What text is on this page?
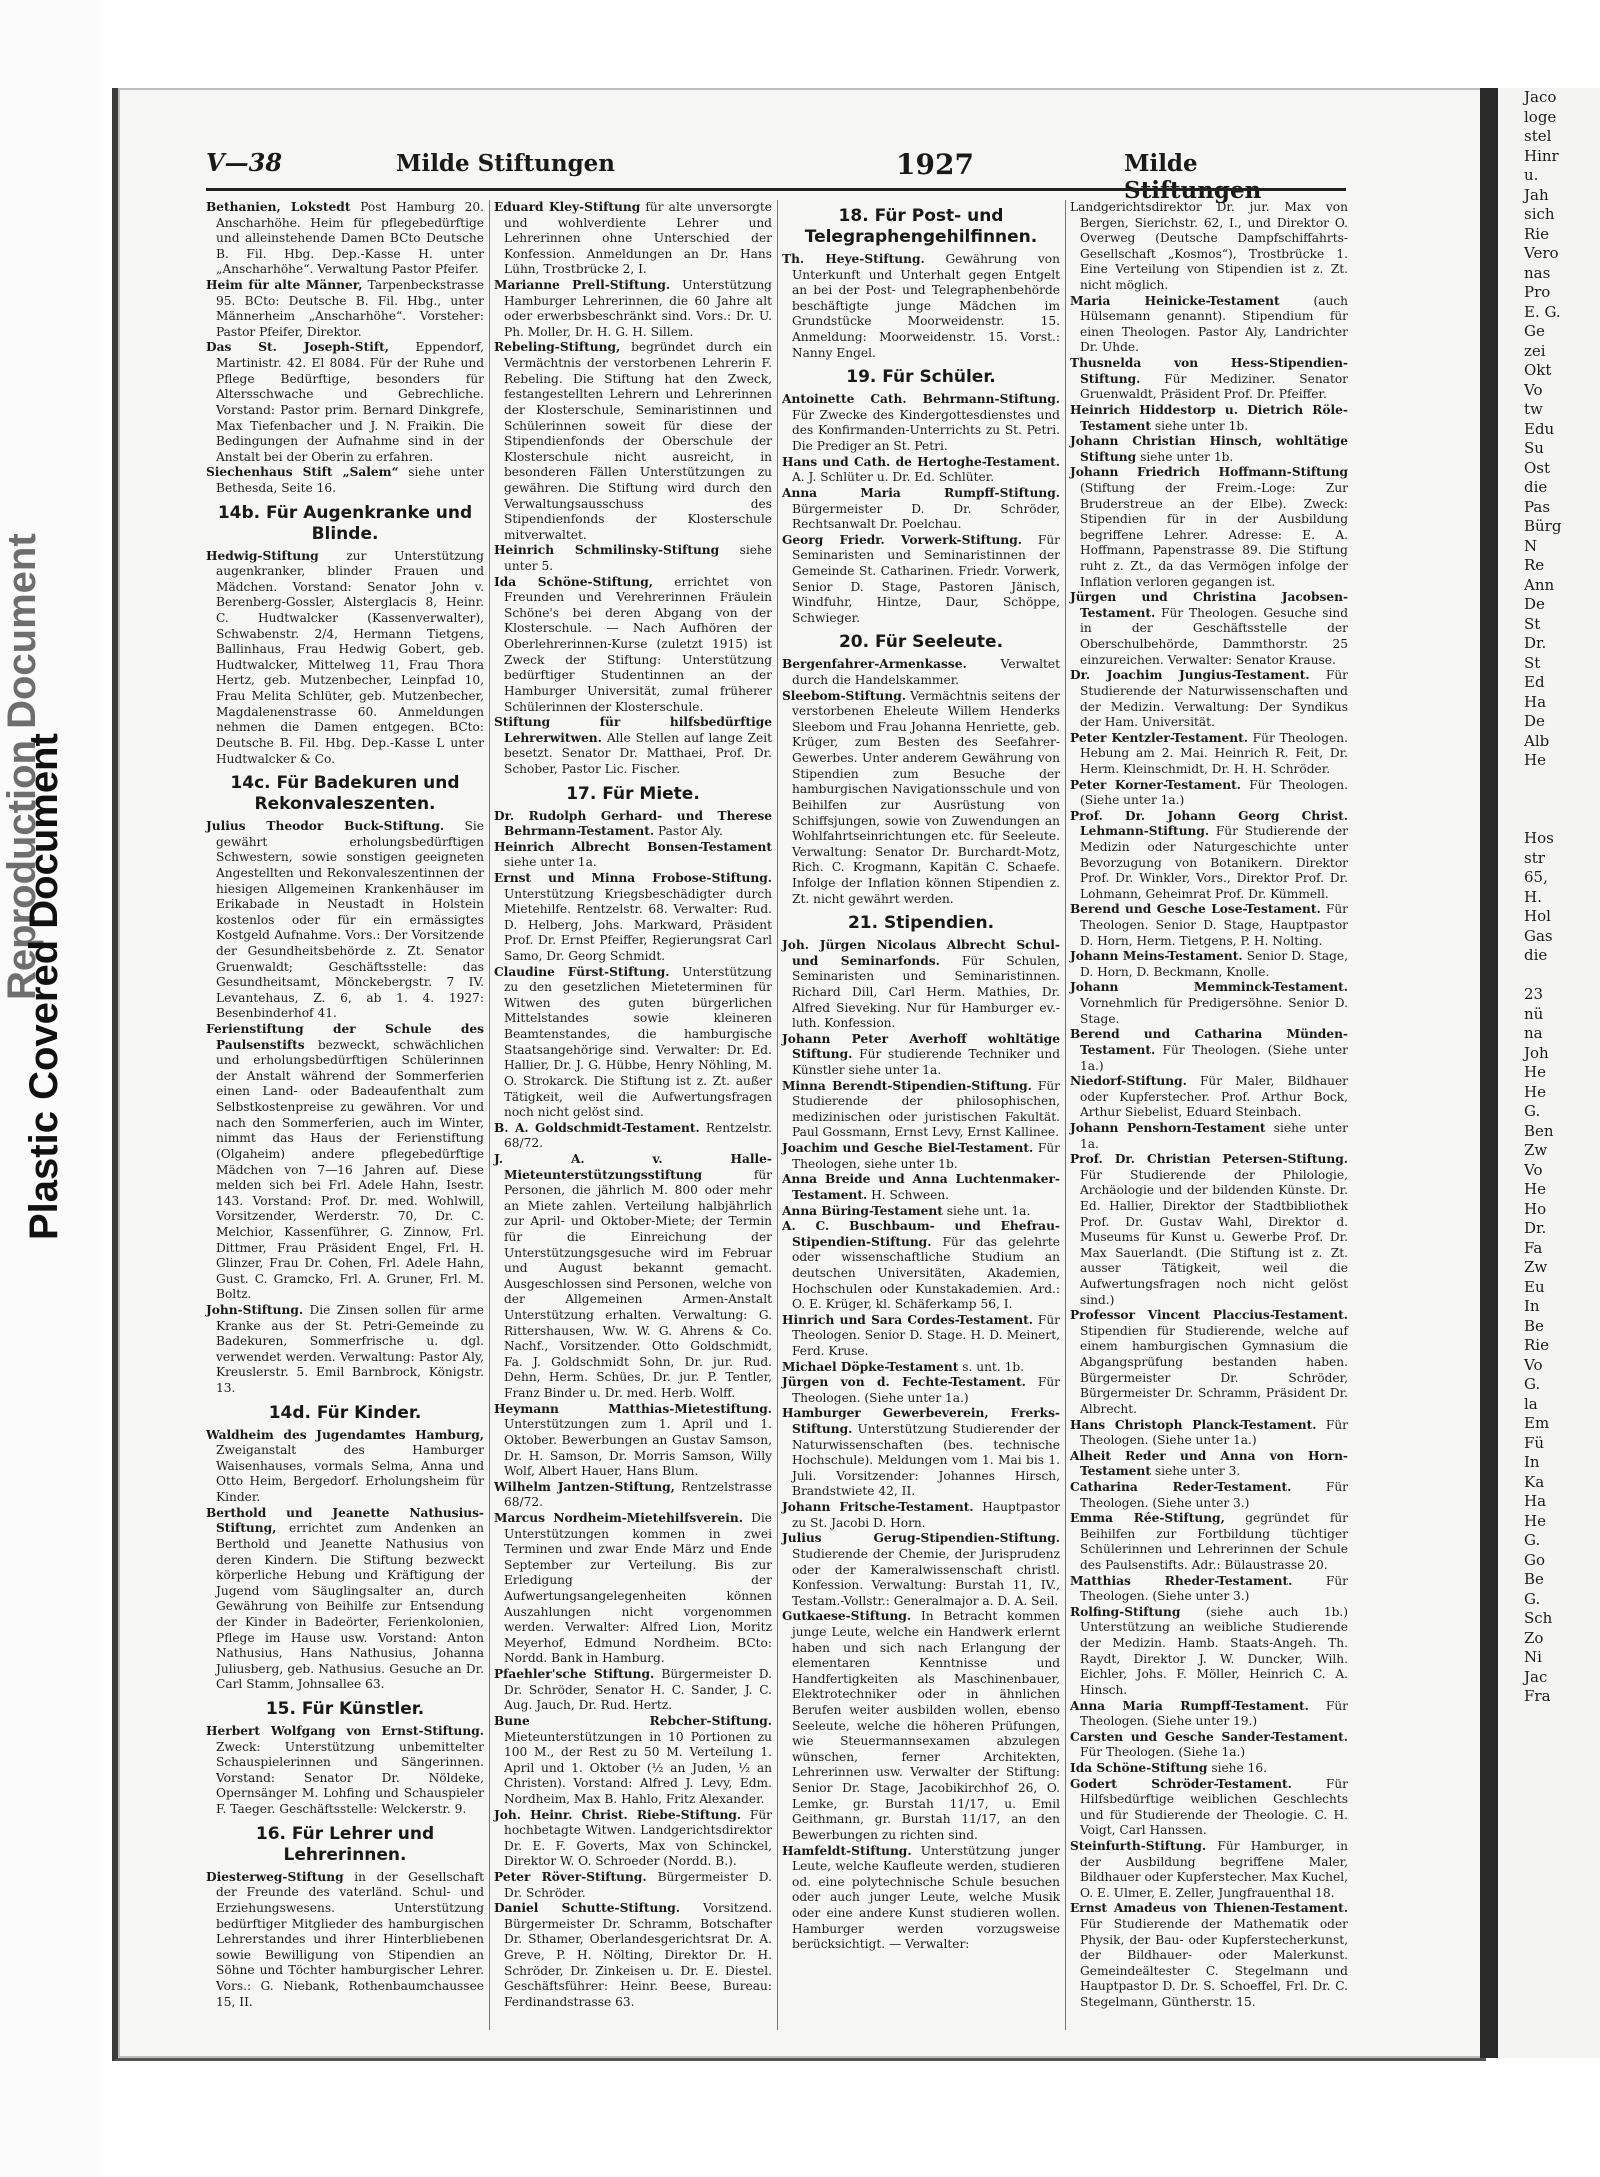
Reproduction Document
Plastic Covered Document
V—38	Milde Stiftungen	1927	Milde
Bethanien, Lokstedt Post Hamburg 20. Anscharhöhe. Heim für pflegebedürftige und alleinstehende Damen BCto Deutsche B. Fil. Hbg. Dep.-Kasse H. unter „Anscharhöhe“. Verwaltung Pastor Pfeifer.
Heim für alte Männer, Tarpenbeckstrasse 95. BCto: Deutsche B. Fil. Hbg., unter Männerheim „Anscharhöhe“. Vorsteher: Pastor Pfeifer, Direktor.
Das St. Joseph-Stift, Eppendorf, Martinistr. 42. El 8084. Für der Ruhe und Pflege Bedürftige, besonders für Altersschwache und Gebrechliche. Vorstand: Pastor prim. Bernard Dinkgrefe, Max Tiefenbacher und J. N. Fraikin. Die Bedingungen der Aufnahme sind in der Anstalt bei der Oberin zu erfahren.
Siechenhaus Stift „Salem“ siehe unter Bethesda, Seite 16.
14b. Für Augenkranke und Blinde.
Hedwig-Stiftung zur Unterstützung augenkranker, blinder Frauen und Mädchen. Vorstand: Senator John v. Berenberg-Gossler, Alsterglacis 8, Heinr. C. Hudtwalcker (Kassenverwalter), Schwabenstr. 2/4, Hermann Tietgens, Ballinhaus, Frau Hedwig Gobert, geb. Hudtwalcker, Mittelweg 11, Frau Thora Hertz, geb. Mutzenbecher, Leinpfad 10, Frau Melita Schlüter, geb. Mutzenbecher, Magdalenenstrasse 60. Anmeldungen nehmen die Damen entgegen. BCto: Deutsche B. Fil. Hbg. Dep.-Kasse L unter Hudtwalcker & Co.
14c. Für Badekuren und Rekonvaleszenten.
Julius Theodor Buck-Stiftung. Sie gewährt erholungsbedürftigen Schwestern, sowie sonstigen geeigneten Angestellten und Rekonvaleszentinnen der hiesigen Allgemeinen Krankenhäuser im Erikabade in Neustadt in Holstein kostenlos oder für ein ermässigtes Kostgeld Aufnahme. Vors.: Der Vorsitzende der Gesundheitsbehörde z. Zt. Senator Gruenwaldt; Geschäftsstelle: das Gesundheitsamt, Mönckebergstr. 7 IV. Levantehaus, Z. 6, ab 1. 4. 1927: Besenbinderhof 41.
Ferienstiftung der Schule des Paulsenstifts bezweckt, schwächlichen und erholungsbedürftigen Schülerinnen der Anstalt während der Sommerferien einen Land- oder Badeaufenthalt zum Selbstkostenpreise zu gewähren. Vor und nach den Sommerferien, auch im Winter, nimmt das Haus der Ferienstiftung (Olgaheim) andere pflegebedürftige Mädchen von 7—16 Jahren auf. Diese melden sich bei Frl. Adele Hahn, Isestr. 143. Vorstand: Prof. Dr. med. Wohlwill, Vorsitzender, Werderstr. 70, Dr. C. Melchior, Kassenführer, G. Zinnow, Frl. Dittmer, Frau Präsident Engel, Frl. H. Glinzer, Frau Dr. Cohen, Frl. Adele Hahn, Gust. C. Gramcko, Frl. A. Gruner, Frl. M. Boltz.
John-Stiftung. Die Zinsen sollen für arme Kranke aus der St. Petri-Gemeinde zu Badekuren, Sommerfrische u. dgl. verwendet werden. Verwaltung: Pastor Aly, Kreuslerstr. 5. Emil Barnbrock, Königstr. 13.
14d. Für Kinder.
Waldheim des Jugendamtes Hamburg, Zweiganstalt des Hamburger Waisenhauses, vormals Selma, Anna und Otto Heim, Bergedorf. Erholungsheim für Kinder.
Berthold und Jeanette Nathusius-Stiftung, errichtet zum Andenken an Berthold und Jeanette Nathusius von deren Kindern. Die Stiftung bezweckt körperliche Hebung und Kräftigung der Jugend vom Säuglingsalter an, durch Gewährung von Beihilfe zur Entsendung der Kinder in Badeörter, Ferienkolonien, Pflege im Hause usw. Vorstand: Anton Nathusius, Hans Nathusius, Johanna Juliusberg, geb. Nathusius. Gesuche an Dr. Carl Stamm, Johnsallee 63.
15. Für Künstler.
Herbert Wolfgang von Ernst-Stiftung. Zweck: Unterstützung unbemittelter Schauspielerinnen und Sängerinnen. Vorstand: Senator Dr. Nöldeke, Opernsänger M. Lohfing und Schauspieler F. Taeger. Geschäftsstelle: Welckerstr. 9.
16. Für Lehrer und Lehrerinnen.
Diesterweg-Stiftung in der Gesellschaft der Freunde des vaterländ. Schul- und Erziehungswesens. Unterstützung bedürftiger Mitglieder des hamburgischen Lehrerstandes und ihrer Hinterbliebenen sowie Bewilligung von Stipendien an Söhne und Töchter hamburgischer Lehrer. Vors.: G. Niebank, Rothenbaumchaussee 15, II.
Eduard Kley-Stiftung für alte unversorgte und wohlverdiente Lehrer und Lehrerinnen ohne Unterschied der Konfession. Anmeldungen an Dr. Hans Lühn, Trostbrücke 2, I.
Marianne Prell-Stiftung. Unterstützung Hamburger Lehrerinnen, die 60 Jahre alt oder erwerbsbeschränkt sind. Vors.: Dr. U. Ph. Moller, Dr. H. G. H. Sillem.
Rebeling-Stiftung, begründet durch ein Vermächtnis der verstorbenen Lehrerin F. Rebeling. Die Stiftung hat den Zweck, festangestellten Lehrern und Lehrerinnen der Klosterschule, Seminaristinnen und Schülerinnen soweit für diese der Stipendienfonds der Oberschule der Klosterschule nicht ausreicht, in besonderen Fällen Unterstützungen zu gewähren. Die Stiftung wird durch den Verwaltungsausschuss des Stipendienfonds der Klosterschule mitverwaltet.
Heinrich Schmilinsky-Stiftung siehe unter 5.
Ida Schöne-Stiftung, errichtet von Freunden und Verehrerinnen Fräulein Schöne's bei deren Abgang von der Klosterschule. — Nach Aufhören der Oberlehrerinnen-Kurse (zuletzt 1915) ist Zweck der Stiftung: Unterstützung bedürftiger Studentinnen an der Hamburger Universität, zumal früherer Schülerinnen der Klosterschule.
Stiftung für hilfsbedürftige Lehrerwitwen. Alle Stellen auf lange Zeit besetzt. Senator Dr. Matthaei, Prof. Dr. Schober, Pastor Lic. Fischer.
17. Für Miete.
Dr. Rudolph Gerhard- und Therese Behrmann-Testament. Pastor Aly.
Heinrich Albrecht Bonsen-Testament siehe unter 1a.
Ernst und Minna Frobose-Stiftung. Unterstützung Kriegsbeschädigter durch Mietehilfe. Rentzelstr. 68. Verwalter: Rud. D. Helberg, Johs. Markward, Präsident Prof. Dr. Ernst Pfeiffer, Regierungsrat Carl Samo, Dr. Georg Schmidt.
Claudine Fürst-Stiftung. Unterstützung zu den gesetzlichen Mieteterminen für Witwen des guten bürgerlichen Mittelstandes sowie kleineren Beamtenstandes, die hamburgische Staatsangehörige sind. Verwalter: Dr. Ed. Hallier, Dr. J. G. Hübbe, Henry Nöhling, M. O. Strokarck. Die Stiftung ist z. Zt. außer Tätigkeit, weil die Aufwertungsfragen noch nicht gelöst sind.
B. A. Goldschmidt-Testament. Rentzelstr. 68/72.
J. A. v. Halle-Mieteunterstützungsstiftung	für Personen, die jährlich M. 800 oder mehr an Miete zahlen. Verteilung halbjährlich zur April- und Oktober-Miete; der Termin für die Einreichung der Unterstützungsgesuche wird im Februar und August bekannt gemacht. Ausgeschlossen sind Personen, welche von der Allgemeinen Armen-Anstalt Unterstützung erhalten. Verwaltung: G. Rittershausen, Ww. W. G. Ahrens & Co. Nachf., Vorsitzender. Otto Goldschmidt, Fa. J. Goldschmidt Sohn, Dr. jur. Rud. Dehn, Herm. Schües, Dr. jur. P. Tentler, Franz Binder u. Dr. med. Herb. Wolff.
Heymann Matthias-Mietestiftung. Unterstützungen zum 1. April und 1. Oktober. Bewerbungen an Gustav Samson, Dr. H. Samson, Dr. Morris Samson, Willy Wolf, Albert Hauer, Hans Blum.
Wilhelm Jantzen-Stiftung, Rentzelstrasse 68/72.
Marcus Nordheim-Mietehilfsverein. Die Unterstützungen kommen in zwei Terminen und zwar Ende März und Ende September zur Verteilung. Bis zur Erledigung der Aufwertungsangelegenheiten können Auszahlungen nicht vorgenommen werden. Verwalter: Alfred Lion, Moritz Meyerhof, Edmund Nordheim. BCto: Nordd. Bank in Hamburg.
Pfaehler'sche Stiftung. Bürgermeister D. Dr. Schröder, Senator H. C. Sander, J. C. Aug. Jauch, Dr. Rud. Hertz.
Bune Rebcher-Stiftung. Mieteunterstützungen in 10 Portionen zu 100 M., der Rest zu 50 M. Verteilung 1. April und 1. Oktober (½ an Juden, ½ an Christen). Vorstand: Alfred J. Levy, Edm. Nordheim, Max B. Hahlo, Fritz Alexander.
Joh. Heinr. Christ. Riebe-Stiftung. Für hochbetagte Witwen. Landgerichtsdirektor Dr. E. F. Goverts, Max von Schinckel, Direktor W. O. Schroeder (Nordd. B.).
Peter Röver-Stiftung. Bürgermeister D. Dr. Schröder.
Daniel Schutte-Stiftung. Vorsitzend. Bürgermeister Dr. Schramm, Botschafter Dr. Sthamer, Oberlandesgerichtsrat Dr. A. Greve, P. H. Nölting, Direktor Dr. H. Schröder, Dr. Zinkeisen u. Dr. E. Diestel. Geschäftsführer: Heinr. Beese, Bureau: Ferdinandstrasse 63.
18. Für Post- und Telegraphengehilfinnen.
Th. Heye-Stiftung. Gewährung von Unterkunft und Unterhalt gegen Entgelt an bei der Post- und Telegraphenbehörde beschäftigte junge Mädchen im Grundstücke Moorweidenstr. 15. Anmeldung: Moorweidenstr. 15. Vorst.: Nanny Engel.
19. Für Schüler.
Antoinette Cath. Behrmann-Stiftung. Für Zwecke des Kindergottesdienstes und des Konfirmanden-Unterrichts zu St. Petri. Die Prediger an St. Petri.
Hans und Cath. de Hertoghe-Testament. A. J. Schlüter u. Dr. Ed. Schlüter.
Anna Maria Rumpff-Stiftung. Bürgermeister D. Dr. Schröder, Rechtsanwalt Dr. Poelchau.
Georg Friedr. Vorwerk-Stiftung. Für Seminaristen und Seminaristinnen der Gemeinde St. Catharinen. Friedr. Vorwerk, Senior D. Stage, Pastoren Jänisch, Windfuhr, Hintze, Daur, Schöppe, Schwieger.
20. Für Seeleute.
Bergenfahrer-Armenkasse.	Verwaltet durch die Handelskammer.
Sleebom-Stiftung. Vermächtnis seitens der verstorbenen Eheleute Willem Henderks Sleebom und Frau Johanna Henriette, geb. Krüger, zum Besten des Seefahrer-Gewerbes. Unter anderem Gewährung von Stipendien zum Besuche der hamburgischen Navigationsschule und von Beihilfen zur Ausrüstung von Schiffsjungen, sowie von Zuwendungen an Wohlfahrtseinrichtungen etc. für Seeleute. Verwaltung: Senator Dr. Burchardt-Motz, Rich. C. Krogmann, Kapitän C. Schaefe. Infolge der Inflation können Stipendien z. Zt. nicht gewährt werden.
21. Stipendien.
Joh. Jürgen Nicolaus Albrecht Schul- und Seminarfonds. Für Schulen, Seminaristen und Seminaristinnen. Richard Dill, Carl Herm. Mathies, Dr. Alfred Sieveking. Nur für Hamburger ev.-luth. Konfession.
Johann Peter Averhoff wohltätige Stiftung. Für studierende Techniker und Künstler siehe unter 1a.
Minna Berendt-Stipendien-Stiftung. Für Studierende der philosophischen, medizinischen oder juristischen Fakultät. Paul Gossmann, Ernst Levy, Ernst Kallinee.
Joachim und Gesche Biel-Testament. Für Theologen, siehe unter 1b.
Anna Breide und Anna Luchtenmaker-Testament. H. Schween.
Anna Büring-Testament siehe unt. 1a.
A. C. Buschbaum- und Ehefrau-Stipendien-Stiftung. Für das gelehrte oder wissenschaftliche Studium an deutschen Universitäten, Akademien, Hochschulen oder Kunstakademien. Ard.: O. E. Krüger, kl. Schäferkamp 56, I.
Hinrich und Sara Cordes-Testament. Für Theologen. Senior D. Stage. H. D. Meinert, Ferd. Kruse.
Michael Döpke-Testament s. unt. 1b.
Jürgen von d. Fechte-Testament. Für Theologen. (Siehe unter 1a.)
Hamburger Gewerbeverein, Frerks-Stiftung. Unterstützung Studierender der Naturwissenschaften (bes. technische Hochschule). Meldungen vom 1. Mai bis 1. Juli. Vorsitzender: Johannes Hirsch, Brandstwiete 42, II.
Johann Fritsche-Testament. Hauptpastor zu St. Jacobi D. Horn.
Julius Gerug-Stipendien-Stiftung. Studierende der Chemie, der Jurisprudenz oder der Kameralwissenschaft christl. Konfession. Verwaltung: Burstah 11, IV., Testam.-Vollstr.: Generalmajor a. D. A. Seil.
Gutkaese-Stiftung. In Betracht kommen junge Leute, welche ein Handwerk erlernt haben und sich nach Erlangung der elementaren Kenntnisse und Handfertigkeiten als Maschinenbauer, Elektrotechniker oder in ähnlichen Berufen weiter ausbilden wollen, ebenso Seeleute, welche die höheren Prüfungen, wie Steuermannsexamen abzulegen wünschen, ferner Architekten, Lehrerinnen usw. Verwalter der Stiftung: Senior Dr. Stage, Jacobikirchhof 26, O. Lemke, gr. Burstah 11/17, u. Emil Geithmann, gr. Burstah 11/17, an den Bewerbungen zu richten sind.
Hamfeldt-Stiftung. Unterstützung junger Leute, welche Kaufleute werden, studieren od. eine polytechnische Schule besuchen oder auch junger Leute, welche Musik oder eine andere Kunst studieren wollen. Hamburger werden vorzugsweise berücksichtigt. — Verwalter:
Landgerichtsdirektor Dr. jur. Max von Bergen, Sierichstr. 62, I., und Direktor O. Overweg (Deutsche Dampfschiffahrts-Gesellschaft „Kosmos“), Trostbrücke 1. Eine Verteilung von Stipendien ist z. Zt. nicht möglich.
Maria Heinicke-Testament	(auch Hülsemann genannt). Stipendium für einen Theologen. Pastor Aly, Landrichter Dr. Uhde.
Thusnelda von Hess-Stipendien-Stiftung. Für Mediziner. Senator Gruenwaldt, Präsident Prof. Dr. Pfeiffer.
Heinrich Hiddestorp u. Dietrich Röle-Testament siehe unter 1b.
Johann Christian Hinsch, wohltätige Stiftung siehe unter 1b.
Johann Friedrich Hoffmann-Stiftung (Stiftung der Freim.-Loge: Zur Bruderstreue an der Elbe). Zweck: Stipendien für in der Ausbildung begriffene Lehrer. Adresse: E. A. Hoffmann, Papenstrasse 89. Die Stiftung ruht z. Zt., da das Vermögen infolge der Inflation verloren gegangen ist.
Jürgen und Christina Jacobsen-Testament. Für Theologen. Gesuche sind in der Geschäftsstelle der Oberschulbehörde, Dammthorstr. 25 einzureichen. Verwalter: Senator Krause.
Dr. Joachim Jungius-Testament. Für Studierende der Naturwissenschaften und der Medizin. Verwaltung: Der Syndikus der Ham. Universität.
Peter Kentzler-Testament. Für Theologen. Hebung am 2. Mai. Heinrich R. Feit, Dr. Herm. Kleinschmidt, Dr. H. H. Schröder.
Peter Korner-Testament. Für Theologen. (Siehe unter 1a.)
Prof. Dr. Johann Georg Christ. Lehmann-Stiftung. Für Studierende der Medizin oder Naturgeschichte unter Bevorzugung von Botanikern. Direktor Prof. Dr. Winkler, Vors., Direktor Prof. Dr. Lohmann, Geheimrat Prof. Dr. Kümmell.
Berend und Gesche Lose-Testament. Für Theologen. Senior D. Stage, Hauptpastor D. Horn, Herm. Tietgens, P. H. Nolting.
Johann Meins-Testament. Senior D. Stage, D. Horn, D. Beckmann, Knolle.
Johann Memminck-Testament. Vornehmlich für Predigersöhne. Senior D. Stage.
Berend und Catharina Münden-Testament. Für Theologen. (Siehe unter 1a.)
Niedorf-Stiftung. Für Maler, Bildhauer oder Kupferstecher. Prof. Arthur Bock, Arthur Siebelist, Eduard Steinbach.
Johann Penshorn-Testament siehe unter 1a.
Prof. Dr. Christian Petersen-Stiftung. Für Studierende der Philologie, Archäologie und der bildenden Künste. Dr. Ed. Hallier, Direktor der Stadtbibliothek Prof. Dr. Gustav Wahl, Direktor d. Museums für Kunst u. Gewerbe Prof. Dr. Max Sauerlandt. (Die Stiftung ist z. Zt. ausser Tätigkeit, weil die Aufwertungsfragen noch nicht gelöst sind.)
Professor Vincent Placcius-Testament. Stipendien für Studierende, welche auf einem hamburgischen Gymnasium die Abgangsprüfung bestanden haben. Bürgermeister Dr. Schröder, Bürgermeister Dr. Schramm, Präsident Dr. Albrecht.
Hans Christoph Planck-Testament. Für Theologen. (Siehe unter 1a.)
Alheit Reder und Anna von Horn-Testament siehe unter 3.
Catharina Reder-Testament.	Für Theologen. (Siehe unter 3.)
Emma Rée-Stiftung, gegründet für Beihilfen zur Fortbildung tüchtiger Schülerinnen und Lehrerinnen der Schule des Paulsenstifts. Adr.: Bülaustrasse 20.
Matthias Rheder-Testament.	Für Theologen. (Siehe unter 3.)
Rolfing-Stiftung (siehe auch 1b.) Unterstützung an weibliche Studierende der Medizin. Hamb. Staats-Angeh. Th. Raydt, Direktor J. W. Duncker, Wilh. Eichler, Johs. F. Möller, Heinrich C. A. Hinsch.
Anna Maria Rumpff-Testament. Für Theologen. (Siehe unter 19.)
Carsten und Gesche Sander-Testament. Für Theologen. (Siehe 1a.)
Ida Schöne-Stiftung siehe 16.
Godert Schröder-Testament.	Für Hilfsbedürftige weiblichen Geschlechts und für Studierende der Theologie. C. H. Voigt, Carl Hanssen.
Steinfurth-Stiftung. Für Hamburger, in der Ausbildung begriffene Maler, Bildhauer oder Kupferstecher. Max Kuchel, O. E. Ulmer, E. Zeller, Jungfrauenthal 18.
Ernst Amadeus von Thienen-Testament. Für Studierende der Mathematik oder Physik, der Bau- oder Kupferstecherkunst, der Bildhauer- oder Malerkunst. Gemeindeältester C. Stegelmann und Hauptpastor D. Dr. S. Schoeffel, Frl. Dr. C. Stegelmann, Güntherstr. 15.
Jaco
loge
stel
Hinr
u.
Jah
sich
Rie
Vero
nas
Pro
E. G.
Ge
zei
Okt
Vo
tw
Edu
Su
Ost
die
Pas
Bürg
N
Re
Ann
De
St
Dr.
St
Ed
Ha
De
Alb
He

Hos
str
65,
H.
Hol
Gas
die

23
nü
na
Joh
He
He
G.
Ben
Zw
Vo
He
Ho
Dr.
Fa
Zw
Eu
In
Be
Rie
Vo
G.
la
Em
Fü
In
Ka
Ha
He
G.
Go
Be
G.
Sch
Zo
Ni
Jac
Fra
